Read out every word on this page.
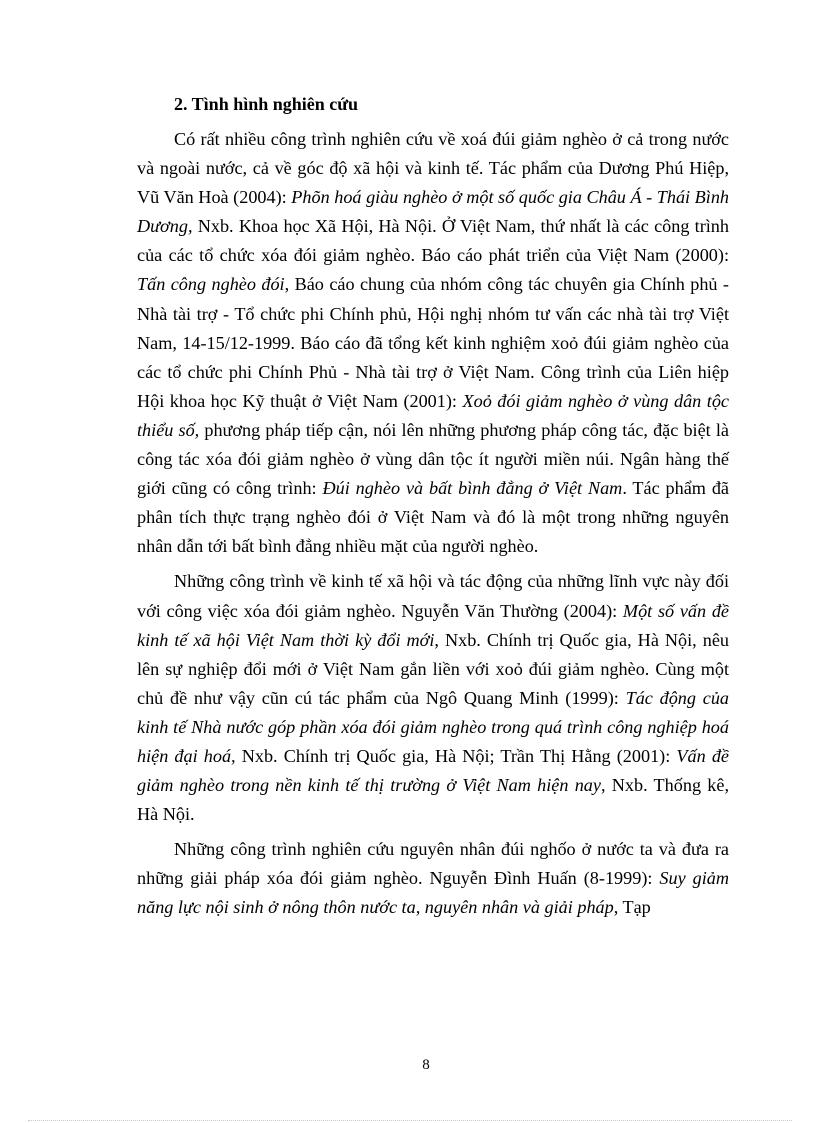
2. Tình hình nghiên cứu

Có rất nhiều công trình nghiên cứu về xoá đúi giảm nghèo ở cả trong nước và ngoài nước, cả về góc độ xã hội và kinh tế. Tác phẩm của Dương Phú Hiệp, Vũ Văn Hoà (2004): Phõn hoá giàu nghèo ở một số quốc gia Châu Á - Thái Bình Dương, Nxb. Khoa học Xã Hội, Hà Nội. Ở Việt Nam, thứ nhất là các công trình của các tổ chức xóa đói giảm nghèo. Báo cáo phát triển của Việt Nam (2000): Tấn công nghèo đói, Báo cáo chung của nhóm công tác chuyên gia Chính phủ - Nhà tài trợ - Tổ chức phi Chính phủ, Hội nghị nhóm tư vấn các nhà tài trợ Việt Nam, 14-15/12-1999. Báo cáo đã tổng kết kinh nghiệm xoỏ đúi giảm nghèo của các tổ chức phi Chính Phủ - Nhà tài trợ ở Việt Nam. Công trình của Liên hiệp Hội khoa học Kỹ thuật ở Việt Nam (2001): Xoỏ đói giảm nghèo ở vùng dân tộc thiểu số, phương pháp tiếp cận, nói lên những phương pháp công tác, đặc biệt là công tác xóa đói giảm nghèo ở vùng dân tộc ít người miền núi. Ngân hàng thế giới cũng có công trình: Đúi nghèo và bất bình đẳng ở Việt Nam. Tác phẩm đã phân tích thực trạng nghèo đói ở Việt Nam và đó là một trong những nguyên nhân dẫn tới bất bình đẳng nhiều mặt của người nghèo.

Những công trình về kinh tế xã hội và tác động của những lĩnh vực này đối với công việc xóa đói giảm nghèo. Nguyễn Văn Thường (2004): Một số vấn đề kinh tế xã hội Việt Nam thời kỳ đổi mới, Nxb. Chính trị Quốc gia, Hà Nội, nêu lên sự nghiệp đổi mới ở Việt Nam gắn liền với xoỏ đúi giảm nghèo. Cùng một chủ đề như vậy cũn cú tác phẩm của Ngô Quang Minh (1999): Tác động của kinh tế Nhà nước góp phần xóa đói giảm nghèo trong quá trình công nghiệp hoá hiện đại hoá, Nxb. Chính trị Quốc gia, Hà Nội; Trần Thị Hằng (2001): Vấn đề giảm nghèo trong nền kinh tế thị trường ở Việt Nam hiện nay, Nxb. Thống kê, Hà Nội.

Những công trình nghiên cứu nguyên nhân đúi nghốo ở nước ta và đưa ra những giải pháp xóa đói giảm nghèo. Nguyễn Đình Huấn (8-1999): Suy giảm năng lực nội sinh ở nông thôn nước ta, nguyên nhân và giải pháp, Tạp

8
